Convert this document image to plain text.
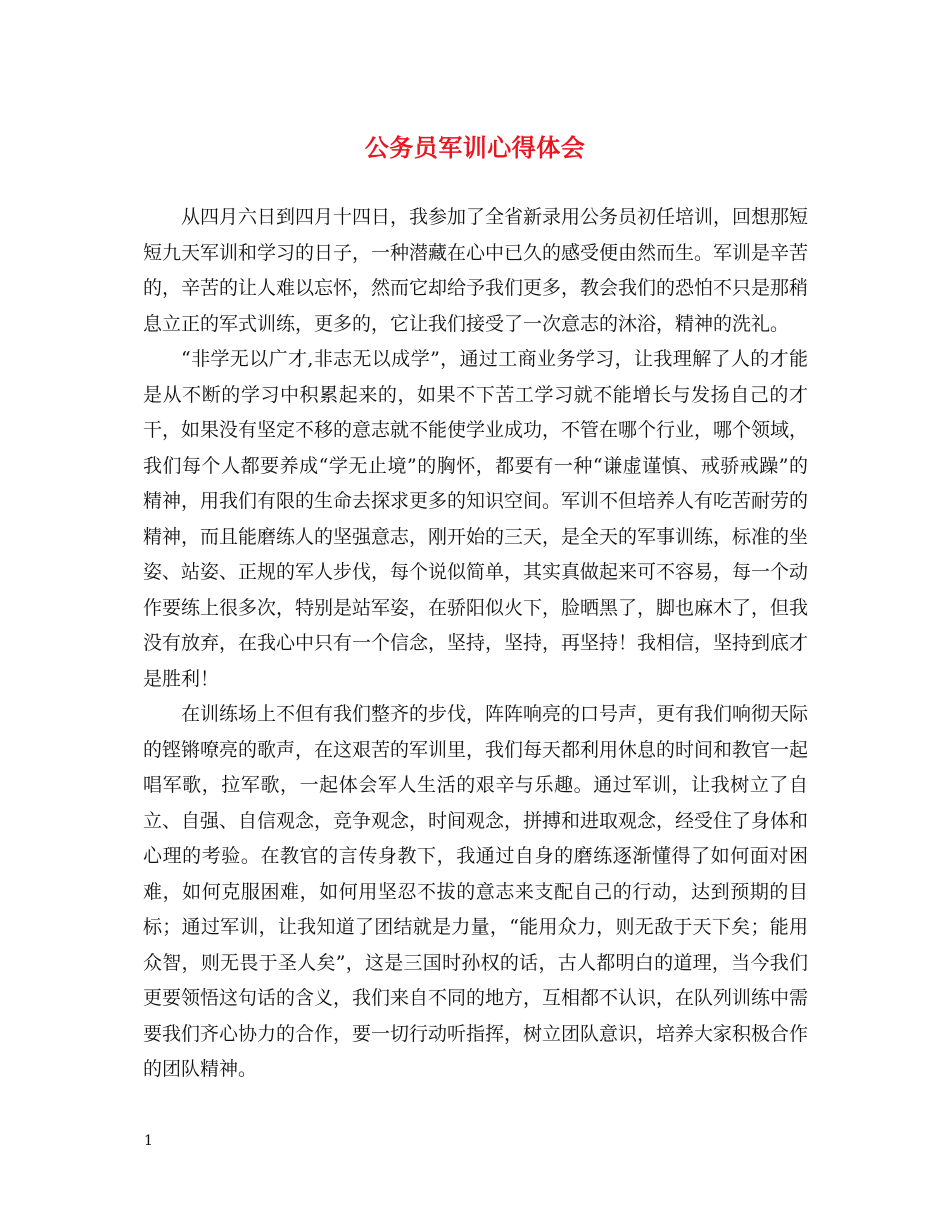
公务员军训心得体会

从四月六日到四月十四日，我参加了全省新录用公务员初任培训，回想那短短九天军训和学习的日子，一种潜藏在心中已久的感受便由然而生。军训是辛苦的，辛苦的让人难以忘怀，然而它却给予我们更多，教会我们的恐怕不只是那稍息立正的军式训练，更多的，它让我们接受了一次意志的沐浴，精神的洗礼。

“非学无以广才,非志无以成学”，通过工商业务学习，让我理解了人的才能是从不断的学习中积累起来的，如果不下苦工学习就不能增长与发扬自己的才干，如果没有坚定不移的意志就不能使学业成功，不管在哪个行业，哪个领域，我们每个人都要养成“学无止境”的胸怀，都要有一种“谦虚谨慎、戒骄戒躁”的精神，用我们有限的生命去探求更多的知识空间。军训不但培养人有吃苦耐劳的精神，而且能磨练人的坚强意志，刚开始的三天，是全天的军事训练，标准的坐姿、站姿、正规的军人步伐，每个说似简单，其实真做起来可不容易，每一个动作要练上很多次，特别是站军姿，在骄阳似火下，脸晒黑了，脚也麻木了，但我没有放弃，在我心中只有一个信念，坚持，坚持，再坚持！我相信，坚持到底才是胜利！

在训练场上不但有我们整齐的步伐，阵阵响亮的口号声，更有我们响彻天际的铿锵嘹亮的歌声，在这艰苦的军训里，我们每天都利用休息的时间和教官一起唱军歌，拉军歌，一起体会军人生活的艰辛与乐趣。通过军训，让我树立了自立、自强、自信观念，竞争观念，时间观念，拼搏和进取观念，经受住了身体和心理的考验。在教官的言传身教下，我通过自身的磨练逐渐懂得了如何面对困难，如何克服困难，如何用坚忍不拔的意志来支配自己的行动，达到预期的目标；通过军训，让我知道了团结就是力量，“能用众力，则无敌于天下矣；能用众智，则无畏于圣人矣”，这是三国时孙权的话，古人都明白的道理，当今我们更要领悟这句话的含义，我们来自不同的地方，互相都不认识，在队列训练中需要我们齐心协力的合作，要一切行动听指挥，树立团队意识，培养大家积极合作的团队精神。

1
